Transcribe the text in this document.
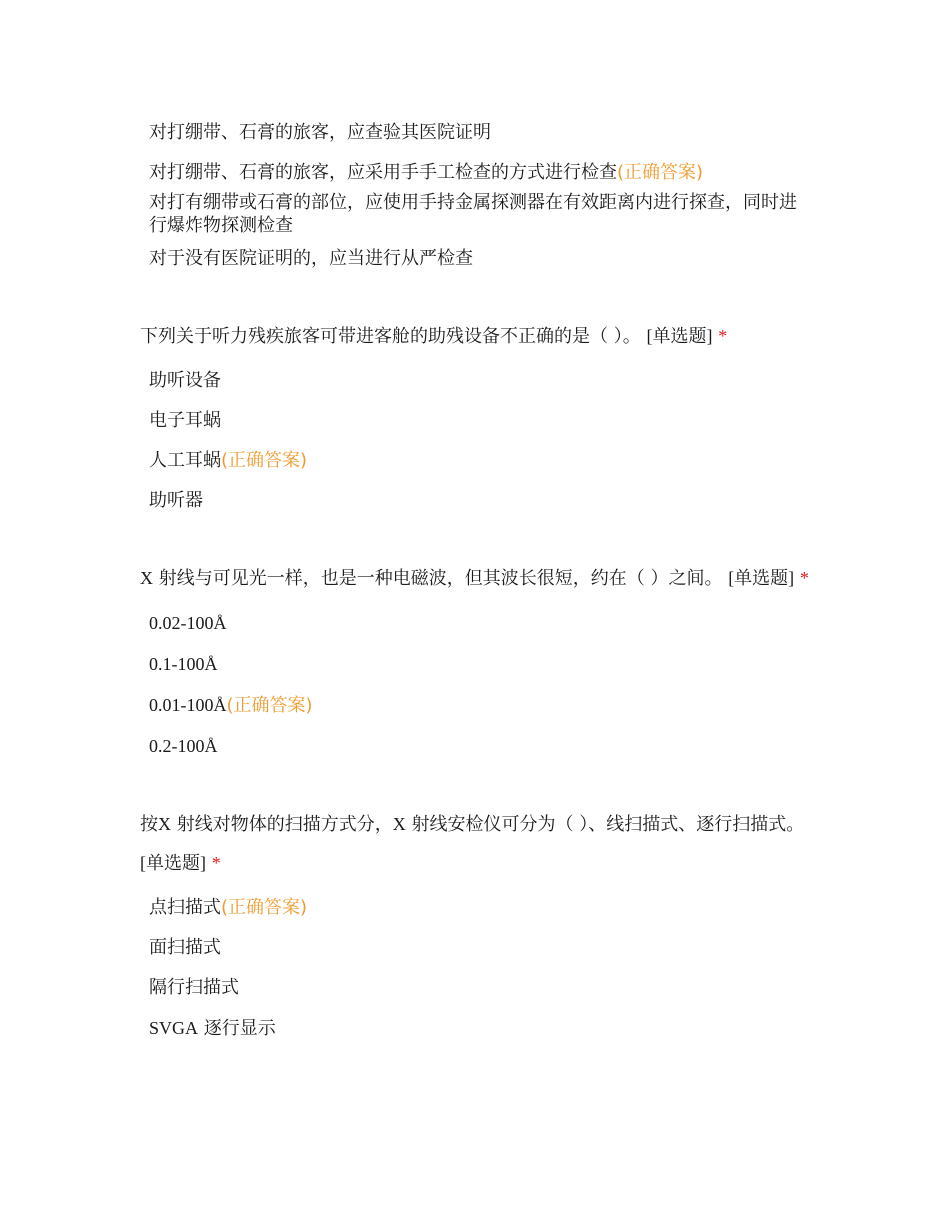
对打绷带、石膏的旅客，应查验其医院证明

对打绷带、石膏的旅客，应采用手手工检查的方式进行检查(正确答案)

对打有绷带或石膏的部位，应使用手持金属探测器在有效距离内进行探查，同时进行爆炸物探测检查

对于没有医院证明的，应当进行从严检查

下列关于听力残疾旅客可带进客舱的助残设备不正确的是（ ）。 [单选题] *

助听设备

电子耳蜗

人工耳蜗(正确答案)

助听器

X 射线与可见光一样，也是一种电磁波，但其波长很短，约在（ ）之间。 [单选题] *

0.02-100Å

0.1-100Å

0.01-100Å(正确答案)

0.2-100Å

按X 射线对物体的扫描方式分，X 射线安检仪可分为（ ）、线扫描式、逐行扫描式。 [单选题] *

点扫描式(正确答案)

面扫描式

隔行扫描式

SVGA 逐行显示
